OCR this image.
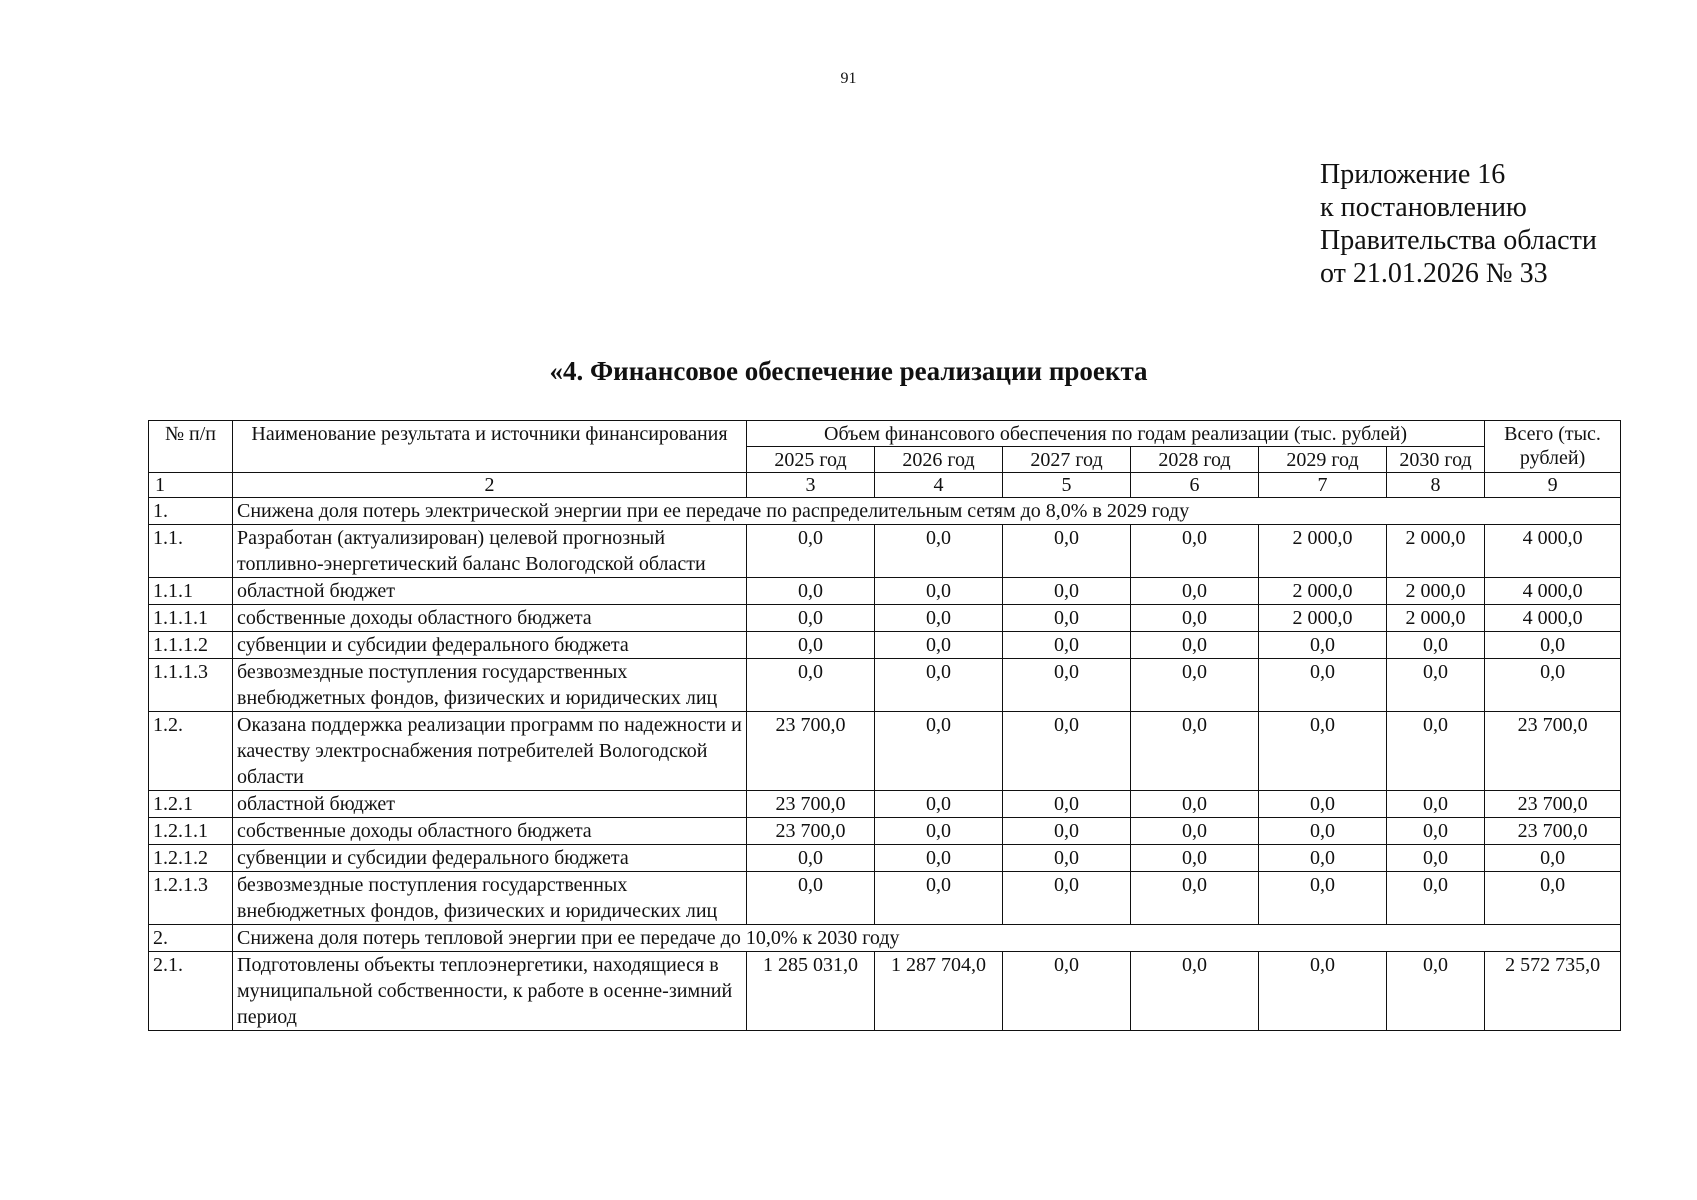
91
Приложение 16
к постановлению
Правительства области
от 21.01.2026 № 33
«4. Финансовое обеспечение реализации проекта
№ п/п	Наименование результата и источники финансирования	Объем финансового обеспечения по годам реализации (тыс. рублей)						Всего (тыс. рублей)
		2025 год	2026 год	2027 год	2028 год	2029 год	2030 год	
1	2	3	4	5	6	7	8	9
1.	Снижена доля потерь электрической энергии при ее передаче по распределительным сетям до 8,0% в 2029 году							
1.1.	Разработан (актуализирован) целевой прогнозный топливно-энергетический баланс Вологодской области	0,0	0,0	0,0	0,0	2 000,0	2 000,0	4 000,0
1.1.1	областной бюджет	0,0	0,0	0,0	0,0	2 000,0	2 000,0	4 000,0
1.1.1.1	собственные доходы областного бюджета	0,0	0,0	0,0	0,0	2 000,0	2 000,0	4 000,0
1.1.1.2	субвенции и субсидии федерального бюджета	0,0	0,0	0,0	0,0	0,0	0,0	0,0
1.1.1.3	безвозмездные поступления государственных внебюджетных фондов, физических и юридических лиц	0,0	0,0	0,0	0,0	0,0	0,0	0,0
1.2.	Оказана поддержка реализации программ по надежности и качеству электроснабжения потребителей Вологодской области	23 700,0	0,0	0,0	0,0	0,0	0,0	23 700,0
1.2.1	областной бюджет	23 700,0	0,0	0,0	0,0	0,0	0,0	23 700,0
1.2.1.1	собственные доходы областного бюджета	23 700,0	0,0	0,0	0,0	0,0	0,0	23 700,0
1.2.1.2	субвенции и субсидии федерального бюджета	0,0	0,0	0,0	0,0	0,0	0,0	0,0
1.2.1.3	безвозмездные поступления государственных внебюджетных фондов, физических и юридических лиц	0,0	0,0	0,0	0,0	0,0	0,0	0,0
2.	Снижена доля потерь тепловой энергии при ее передаче до 10,0% к 2030 году							
2.1.	Подготовлены объекты теплоэнергетики, находящиеся в муниципальной собственности, к работе в осенне-зимний период	1 285 031,0	1 287 704,0	0,0	0,0	0,0	0,0	2 572 735,0
